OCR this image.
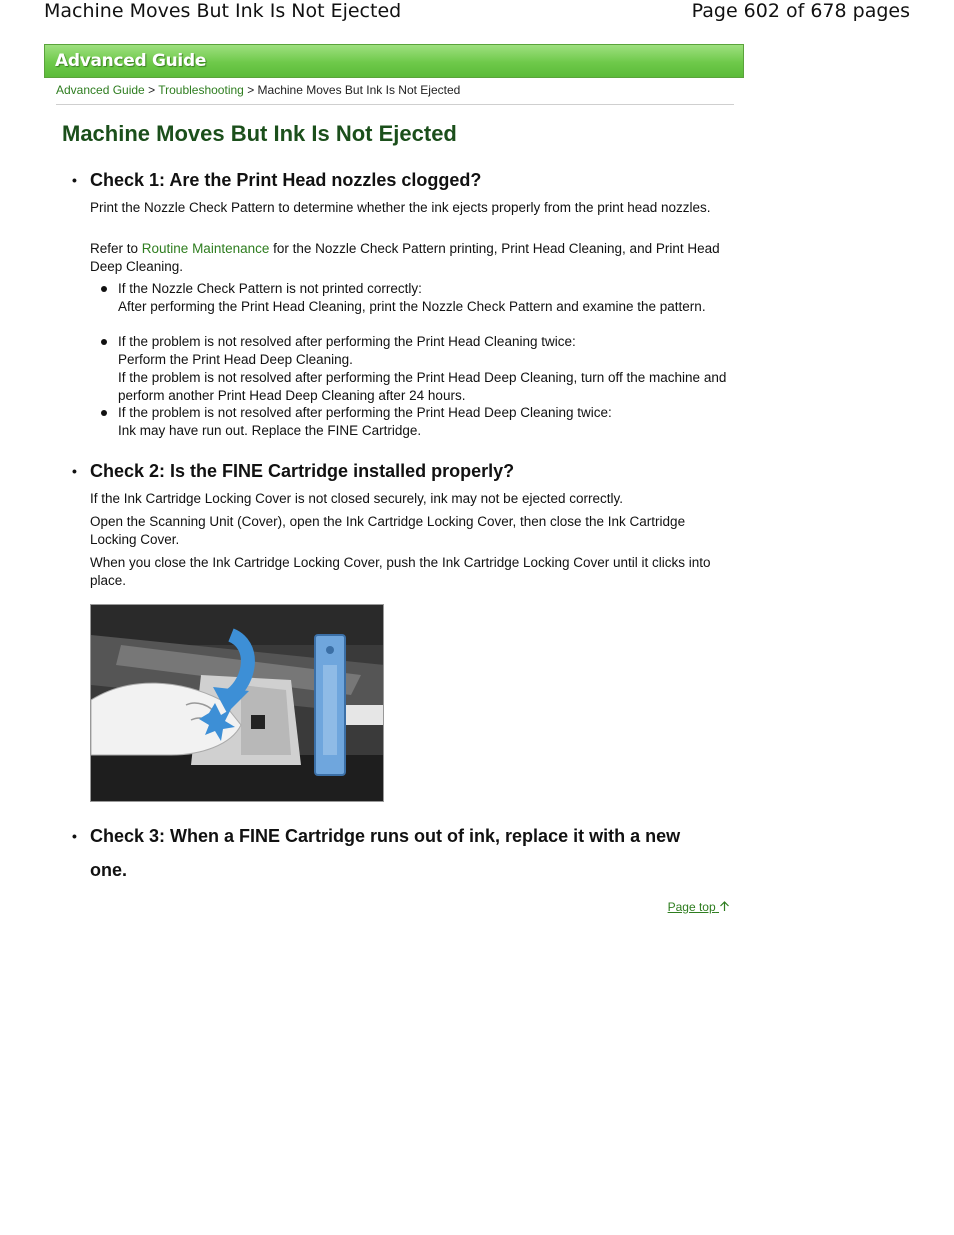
Machine Moves But Ink Is Not Ejected	Page 602 of 678 pages
Advanced Guide
Advanced Guide > Troubleshooting > Machine Moves But Ink Is Not Ejected
Machine Moves But Ink Is Not Ejected
• Check 1: Are the Print Head nozzles clogged?
Print the Nozzle Check Pattern to determine whether the ink ejects properly from the print head nozzles.
Refer to Routine Maintenance for the Nozzle Check Pattern printing, Print Head Cleaning, and Print Head Deep Cleaning.
If the Nozzle Check Pattern is not printed correctly:
After performing the Print Head Cleaning, print the Nozzle Check Pattern and examine the pattern.
If the problem is not resolved after performing the Print Head Cleaning twice:
Perform the Print Head Deep Cleaning.
If the problem is not resolved after performing the Print Head Deep Cleaning, turn off the machine and perform another Print Head Deep Cleaning after 24 hours.
If the problem is not resolved after performing the Print Head Deep Cleaning twice:
Ink may have run out. Replace the FINE Cartridge.
• Check 2: Is the FINE Cartridge installed properly?
If the Ink Cartridge Locking Cover is not closed securely, ink may not be ejected correctly.
Open the Scanning Unit (Cover), open the Ink Cartridge Locking Cover, then close the Ink Cartridge Locking Cover.
When you close the Ink Cartridge Locking Cover, push the Ink Cartridge Locking Cover until it clicks into place.
• Check 3: When a FINE Cartridge runs out of ink, replace it with a new
one.
Page top
